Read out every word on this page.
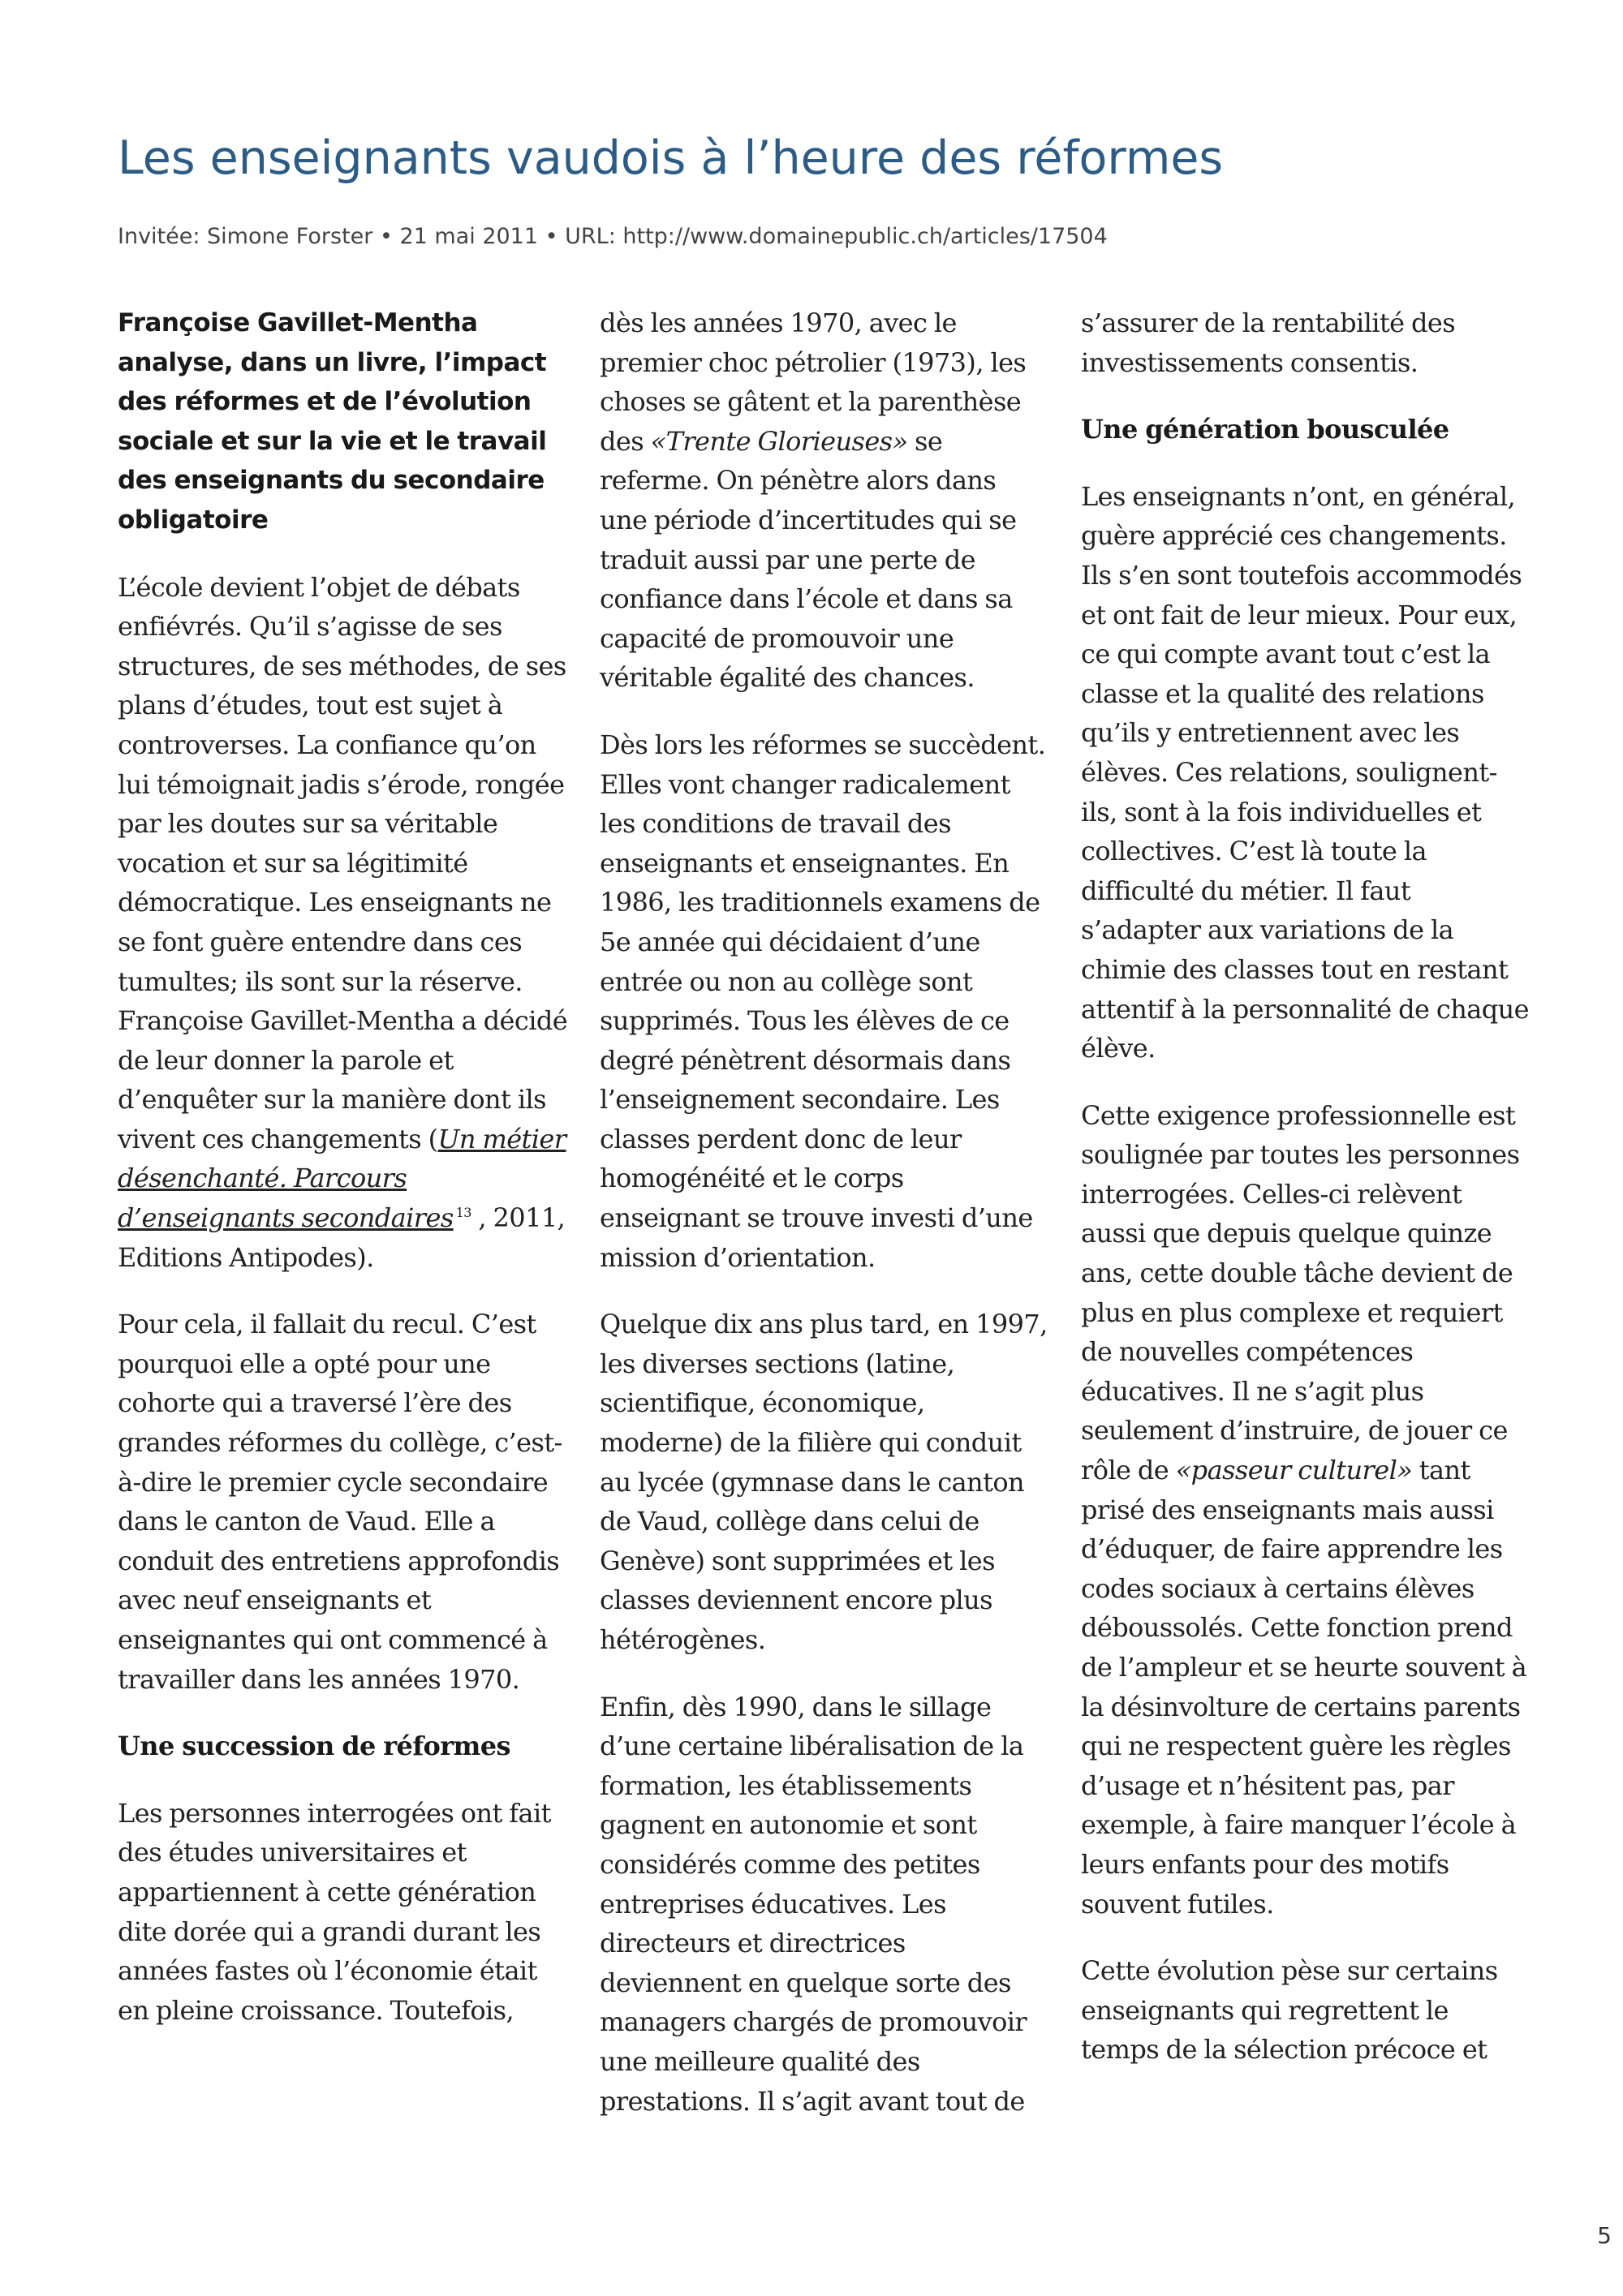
Les enseignants vaudois à l’heure des réformes
Invitée: Simone Forster • 21 mai 2011 • URL: http://www.domainepublic.ch/articles/17504

Françoise Gavillet-Mentha analyse, dans un livre, l’impact des réformes et de l’évolution sociale et sur la vie et le travail des enseignants du secondaire obligatoire

L’école devient l’objet de débats enfiévrés. Qu’il s’agisse de ses structures, de ses méthodes, de ses plans d’études, tout est sujet à controverses. La confiance qu’on lui témoignait jadis s’érode, rongée par les doutes sur sa véritable vocation et sur sa légitimité démocratique. Les enseignants ne se font guère entendre dans ces tumultes; ils sont sur la réserve. Françoise Gavillet-Mentha a décidé de leur donner la parole et d’enquêter sur la manière dont ils vivent ces changements (Un métier désenchanté. Parcours d’enseignants secondaires $^{13}$ , 2011, Editions Antipodes).

Pour cela, il fallait du recul. C’est pourquoi elle a opté pour une cohorte qui a traversé l’ère des grandes réformes du collège, c’est-à-dire le premier cycle secondaire dans le canton de Vaud. Elle a conduit des entretiens approfondis avec neuf enseignants et enseignantes qui ont commencé à travailler dans les années 1970.

Une succession de réformes

Les personnes interrogées ont fait des études universitaires et appartiennent à cette génération dite dorée qui a grandi durant les années fastes où l’économie était en pleine croissance. Toutefois,

dès les années 1970, avec le premier choc pétrolier (1973), les choses se gâtent et la parenthèse des «Trente Glorieuses» se referme. On pénètre alors dans une période d’incertitudes qui se traduit aussi par une perte de confiance dans l’école et dans sa capacité de promouvoir une véritable égalité des chances.

Dès lors les réformes se succèdent. Elles vont changer radicalement les conditions de travail des enseignants et enseignantes. En 1986, les traditionnels examens de 5e année qui décidaient d’une entrée ou non au collège sont supprimés. Tous les élèves de ce degré pénètrent désormais dans l’enseignement secondaire. Les classes perdent donc de leur homogénéité et le corps enseignant se trouve investi d’une mission d’orientation.

Quelque dix ans plus tard, en 1997, les diverses sections (latine, scientifique, économique, moderne) de la filière qui conduit au lycée (gymnase dans le canton de Vaud, collège dans celui de Genève) sont supprimées et les classes deviennent encore plus hétérogènes.

Enfin, dès 1990, dans le sillage d’une certaine libéralisation de la formation, les établissements gagnent en autonomie et sont considérés comme des petites entreprises éducatives. Les directeurs et directrices deviennent en quelque sorte des managers chargés de promouvoir une meilleure qualité des prestations. Il s’agit avant tout de

s’assurer de la rentabilité des investissements consentis.

Une génération bousculée

Les enseignants n’ont, en général, guère apprécié ces changements. Ils s’en sont toutefois accommodés et ont fait de leur mieux. Pour eux, ce qui compte avant tout c’est la classe et la qualité des relations qu’ils y entretiennent avec les élèves. Ces relations, soulignent-ils, sont à la fois individuelles et collectives. C’est là toute la difficulté du métier. Il faut s’adapter aux variations de la chimie des classes tout en restant attentif à la personnalité de chaque élève.

Cette exigence professionnelle est soulignée par toutes les personnes interrogées. Celles-ci relèvent aussi que depuis quelque quinze ans, cette double tâche devient de plus en plus complexe et requiert de nouvelles compétences éducatives. Il ne s’agit plus seulement d’instruire, de jouer ce rôle de «passeur culturel» tant prisé des enseignants mais aussi d’éduquer, de faire apprendre les codes sociaux à certains élèves déboussolés. Cette fonction prend de l’ampleur et se heurte souvent à la désinvolture de certains parents qui ne respectent guère les règles d’usage et n’hésitent pas, par exemple, à faire manquer l’école à leurs enfants pour des motifs souvent futiles.

Cette évolution pèse sur certains enseignants qui regrettent le temps de la sélection précoce et

5
